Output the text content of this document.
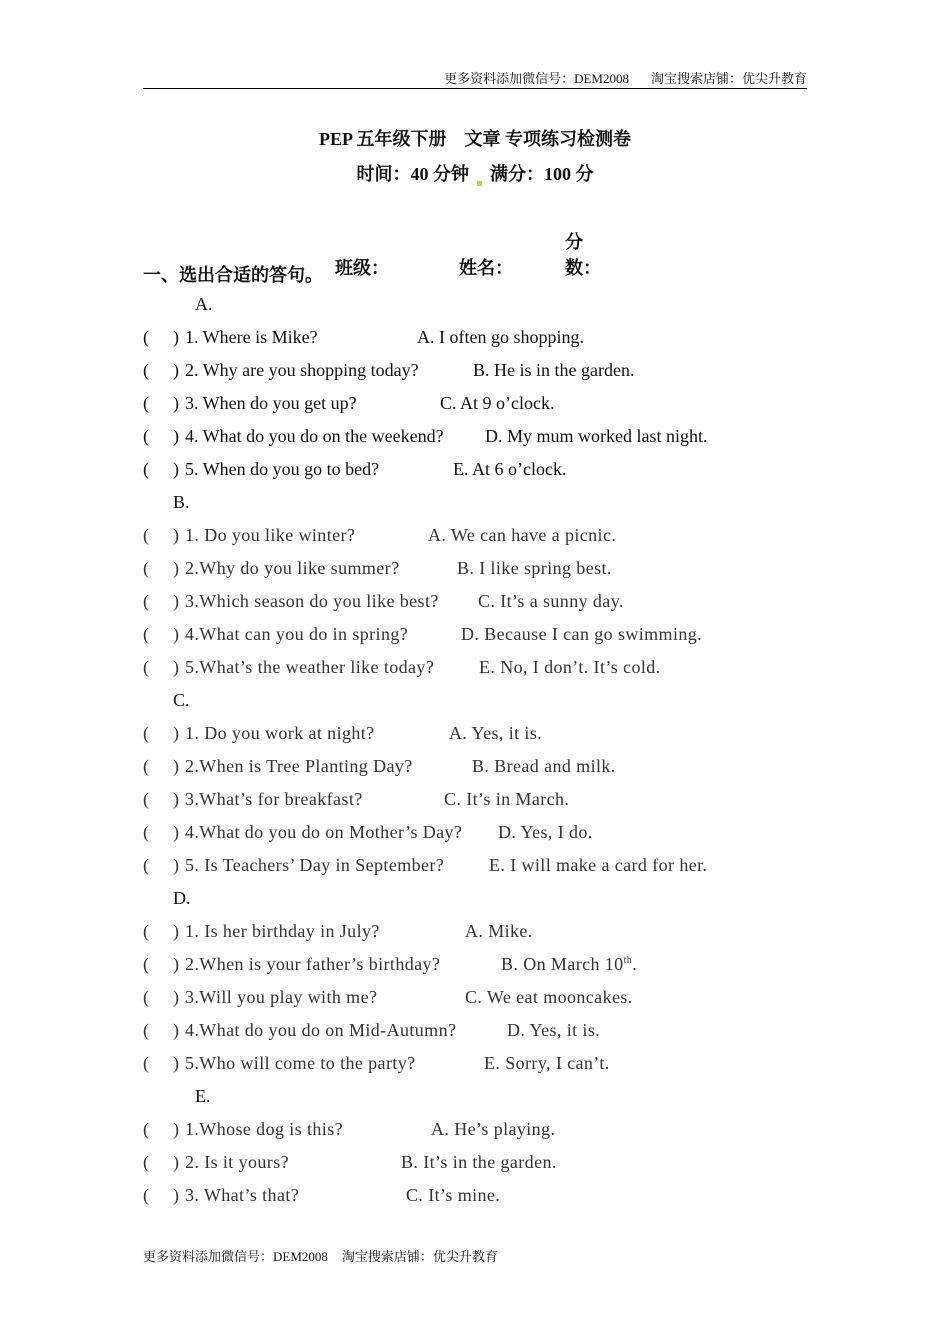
更多资料添加微信号：DEM2008 淘宝搜索店铺：优尖升教育
PEP 五年级下册　文章 专项练习检测卷
时间：40 分钟 满分：100 分
班级：	姓名：分数：
一、选出合适的答句。
A.
( ) 1. Where is Mike?	A. I often go shopping.
( ) 2. Why are you shopping today?	B. He is in the garden.
( ) 3. When do you get up?	C. At 9 o’clock.
( ) 4. What do you do on the weekend? D. My mum worked last night.
( ) 5. When do you go to bed?	E. At 6 o’clock.
B.
( ) 1. Do you like winter?	A. We can have a picnic.
( ) 2.Why do you like summer?	B. I like spring best.
( ) 3.Which season do you like best? C. It’s a sunny day.
( ) 4.What can you do in spring?	D. Because I can go swimming.
( ) 5.What’s the weather like today? E. No, I don’t. It’s cold.
C.
( ) 1. Do you work at night?	A. Yes, it is.
( ) 2.When is Tree Planting Day?	B. Bread and milk.
( ) 3.What’s for breakfast?	C. It’s in March.
( ) 4.What do you do on Mother’s Day? D. Yes, I do.
( ) 5. Is Teachers’ Day in September? E. I will make a card for her.
D.
( ) 1. Is her birthday in July?	A. Mike.
( ) 2.When is your father’s birthday?	B. On March 10th.
( ) 3.Will you play with me?	C. We eat mooncakes.
( ) 4.What do you do on Mid-Autumn?	D. Yes, it is.
( ) 5.Who will come to the party?	E. Sorry, I can’t.
E.
( ) 1.Whose dog is this?	A. He’s playing.
( ) 2. Is it yours?	B. It’s in the garden.
( ) 3. What’s that?	C. It’s mine.
更多资料添加微信号：DEM2008 淘宝搜索店铺：优尖升教育
